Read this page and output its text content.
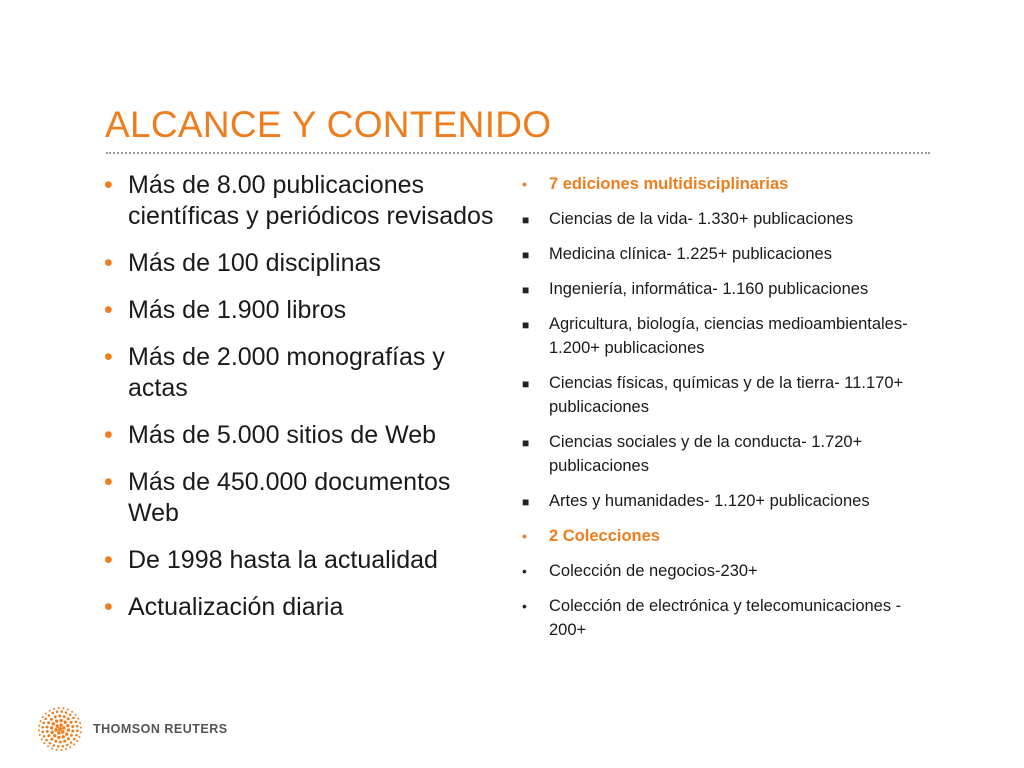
ALCANCE Y CONTENIDO
• Más de 8.00 publicaciones científicas y periódicos revisados
• Más de 100 disciplinas
• Más de 1.900 libros
• Más de 2.000 monografías y actas
• Más de 5.000 sitios de Web
• Más de 450.000 documentos Web
• De 1998 hasta la actualidad
• Actualización diaria
• 7 ediciones multidisciplinarias
■ Ciencias de la vida- 1.330+ publicaciones
■ Medicina clínica- 1.225+ publicaciones
■ Ingeniería, informática- 1.160 publicaciones
■ Agricultura, biología, ciencias medioambientales- 1.200+ publicaciones
■ Ciencias físicas, químicas y de la tierra- 11.170+ publicaciones
■ Ciencias sociales y de la conducta- 1.720+ publicaciones
■ Artes y humanidades- 1.120+ publicaciones
• 2 Colecciones
• Colección de negocios-230+
• Colección de electrónica y telecomunicaciones - 200+
THOMSON REUTERS
